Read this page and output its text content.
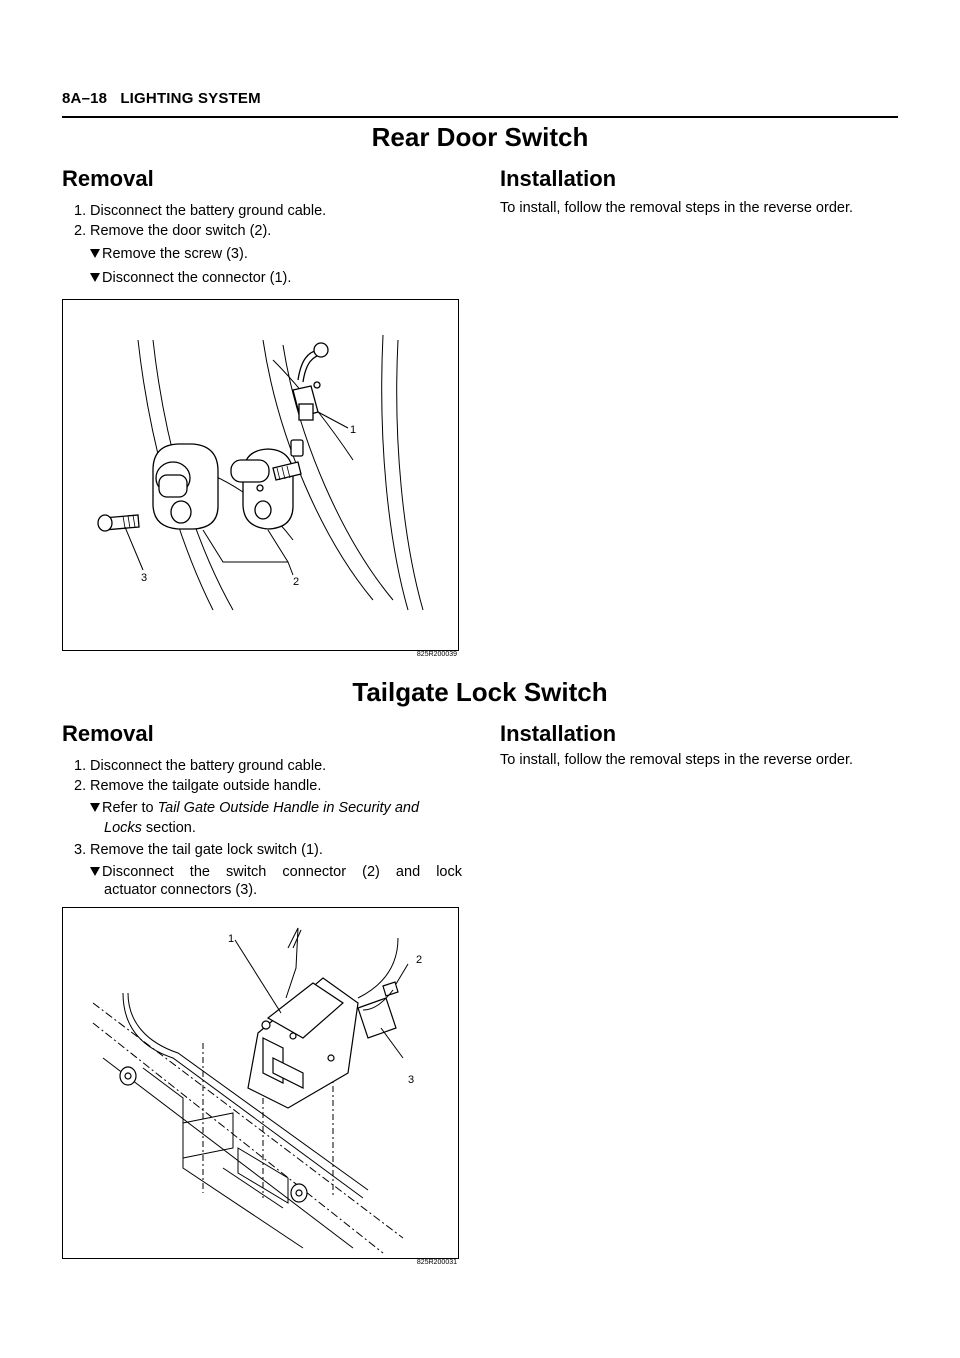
8A–18 LIGHTING SYSTEM
Rear Door Switch
Removal
1. Disconnect the battery ground cable.
2. Remove the door switch (2).
Remove the screw (3).
Disconnect the connector (1).
Installation
To install, follow the removal steps in the reverse order.
1
2
3
825R200039
Tailgate Lock Switch
Removal
1. Disconnect the battery ground cable.
2. Remove the tailgate outside handle.
Refer to Tail Gate Outside Handle in Security and
Locks section.
3. Remove the tail gate lock switch (1).
Disconnect the switch connector (2) and lock
actuator connectors (3).
Installation
To install, follow the removal steps in the reverse order.
1
2
3
825R200031
